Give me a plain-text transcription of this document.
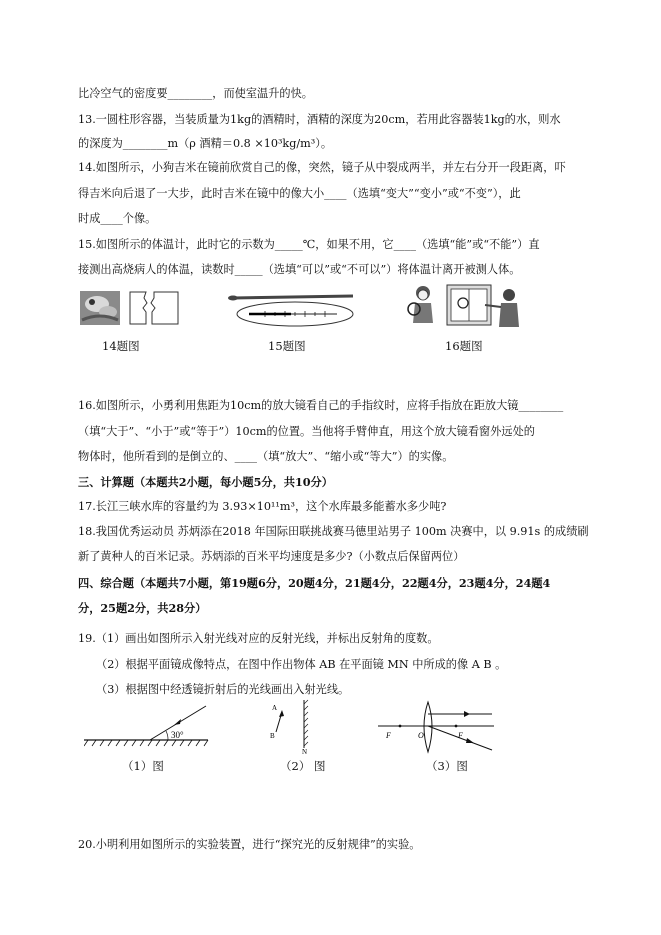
比冷空气的密度要________，而使室温升的快。
13.一圆柱形容器，当装质量为1kg的酒精时，酒精的深度为20cm，若用此容器装1kg的水，则水
的深度为________m（ρ 酒精＝0.8 ×10³kg/m³）。
14.如图所示，小狗吉米在镜前欣赏自己的像，突然，镜子从中裂成两半，并左右分开一段距离，吓
得吉米向后退了一大步，此时吉米在镜中的像大小____（选填“变大”“变小”或“不变”），此
时成____个像。
15.如图所示的体温计，此时它的示数为_____℃，如果不用，它____（选填“能”或“不能”）直
接测出高烧病人的体温，读数时_____（选填“可以”或“不可以”）将体温计离开被测人体。
14题图	15题图	16题图
16.如图所示，小勇利用焦距为10cm的放大镜看自己的手指纹时，应将手指放在距放大镜________
（填“大于”、“小于”或“等于”）10cm的位置。当他将手臂伸直，用这个放大镜看窗外远处的
物体时，他所看到的是倒立的、____（填“放大”、“缩小或“等大”）的实像。
三、计算题（本题共2小题，每小题5分，共10分）
17.长江三峡水库的容量约为 3.93×10¹¹m³，这个水库最多能蓄水多少吨?
18.我国优秀运动员 苏炳添在2018 年国际田联挑战赛马德里站男子 100m 决赛中，以 9.91s 的成绩刷
新了黄种人的百米记录。苏炳添的百米平均速度是多少?（小数点后保留两位）
四、综合题（本题共7小题，第19题6分，20题4分，21题4分，22题4分，23题4分，24题4
分，25题2分，共28分）
19.（1）画出如图所示入射光线对应的反射光线，并标出反射角的度数。
（2）根据平面镜成像特点，在图中作出物体 AB 在平面镜 MN 中所成的像 A B 。
（3）根据图中经透镜折射后的光线画出入射光线。
30°
A
B
N
F	O	F
（1）图	（2） 图	（3）图
20.小明利用如图所示的实验装置，进行“探究光的反射规律”的实验。
